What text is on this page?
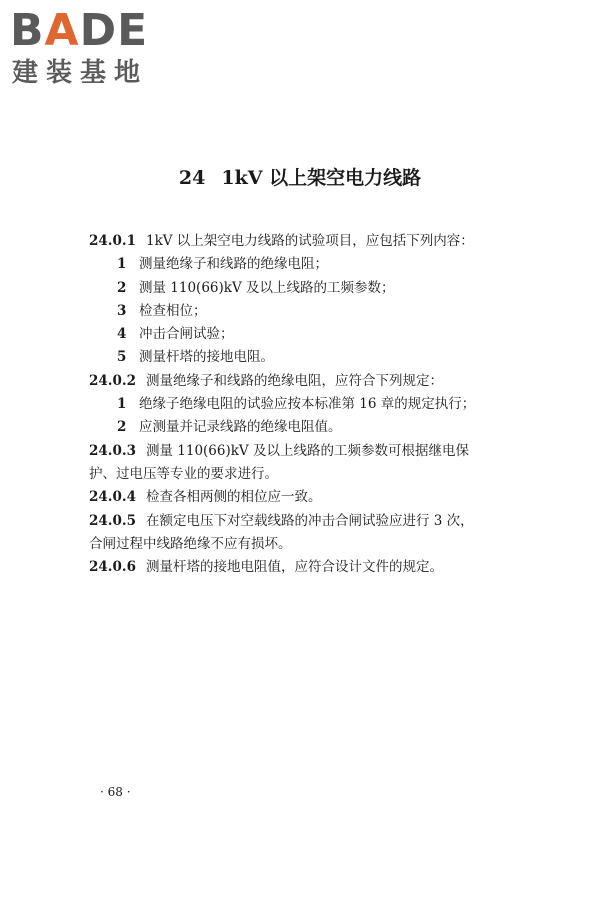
BADE
建装基地
24 1kV 以上架空电力线路
24.0.1 1kV 以上架空电力线路的试验项目，应包括下列内容：
1 测量绝缘子和线路的绝缘电阻；
2 测量 110(66)kV 及以上线路的工频参数；
3 检查相位；
4 冲击合闸试验；
5 测量杆塔的接地电阻。
24.0.2 测量绝缘子和线路的绝缘电阻，应符合下列规定：
1 绝缘子绝缘电阻的试验应按本标准第 16 章的规定执行；
2 应测量并记录线路的绝缘电阻值。
24.0.3 测量 110(66)kV 及以上线路的工频参数可根据继电保
护、过电压等专业的要求进行。
24.0.4 检查各相两侧的相位应一致。
24.0.5 在额定电压下对空载线路的冲击合闸试验应进行 3 次，
合闸过程中线路绝缘不应有损坏。
24.0.6 测量杆塔的接地电阻值，应符合设计文件的规定。
· 68 ·
